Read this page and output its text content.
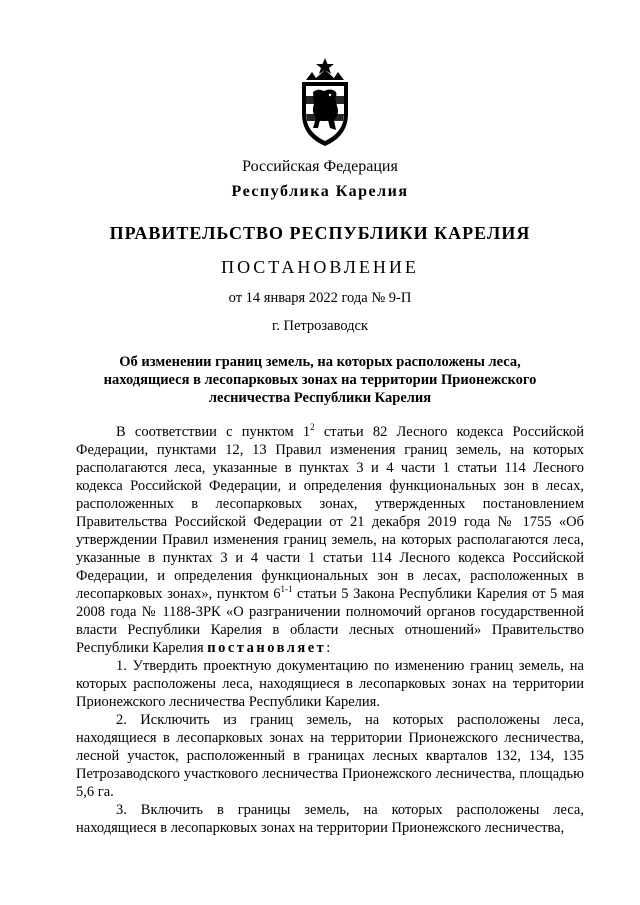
Российская Федерация
Республика Карелия
ПРАВИТЕЛЬСТВО РЕСПУБЛИКИ КАРЕЛИЯ
ПОСТАНОВЛЕНИЕ
от 14 января 2022 года № 9-П
г. Петрозаводск
Об изменении границ земель, на которых расположены леса, находящиеся в лесопарковых зонах на территории Прионежского лесничества Республики Карелия

В соответствии с пунктом $1^2$ статьи 82 Лесного кодекса Российской Федерации, пунктами 12, 13 Правил изменения границ земель, на которых располагаются леса, указанные в пунктах 3 и 4 части 1 статьи 114 Лесного кодекса Российской Федерации, и определения функциональных зон в лесах, расположенных в лесопарковых зонах, утвержденных постановлением Правительства Российской Федерации от 21 декабря 2019 года № 1755 «Об утверждении Правил изменения границ земель, на которых располагаются леса, указанные в пунктах 3 и 4 части 1 статьи 114 Лесного кодекса Российской Федерации, и определения функциональных зон в лесах, расположенных в лесопарковых зонах», пунктом 6$^{1-1}$ статьи 5 Закона Республики Карелия от 5 мая 2008 года № 1188-ЗРК «О разграничении полномочий органов государственной власти Республики Карелия в области лесных отношений» Правительство Республики Карелия постановляет:

1. Утвердить проектную документацию по изменению границ земель, на которых расположены леса, находящиеся в лесопарковых зонах на территории Прионежского лесничества Республики Карелия.

2. Исключить из границ земель, на которых расположены леса, находящиеся в лесопарковых зонах на территории Прионежского лесничества, лесной участок, расположенный в границах лесных кварталов 132, 134, 135 Петрозаводского участкового лесничества Прионежского лесничества, площадью 5,6 га.

3. Включить в границы земель, на которых расположены леса, находящиеся в лесопарковых зонах на территории Прионежского лесничества,
